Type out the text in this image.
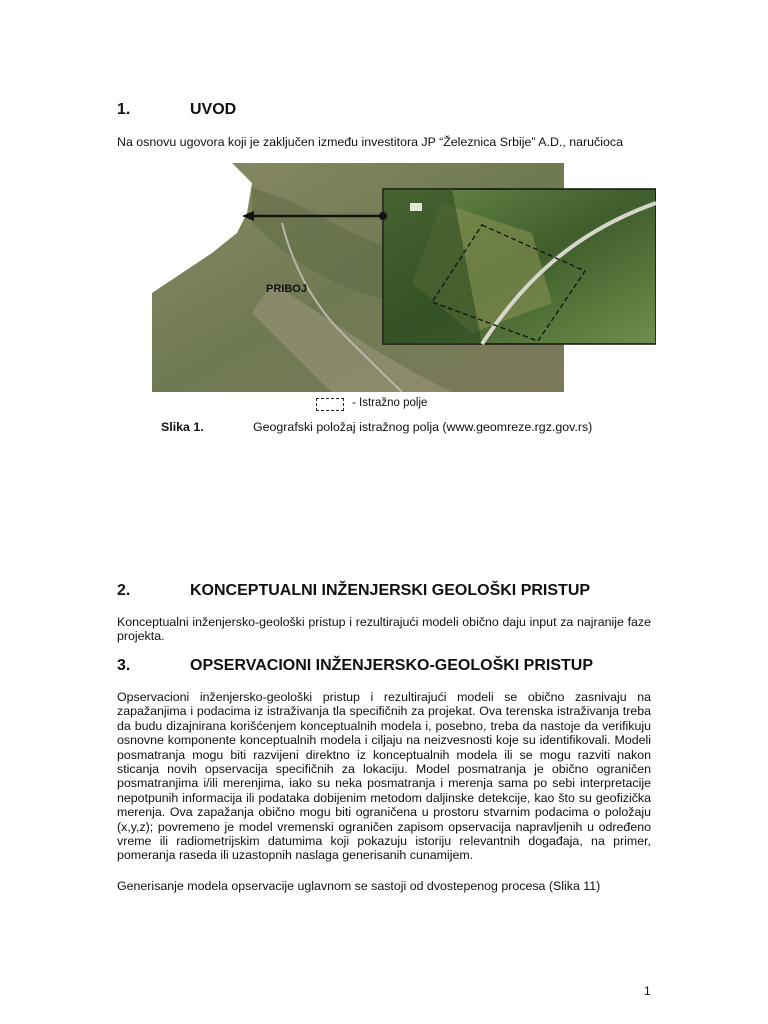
1.	UVOD
Na osnovu ugovora koji je zaključen između investitora JP “Železnica Srbije” A.D., naručioca
PRIBOJ
- Istražno polje
Slika 1.	Geografski položaj istražnog polja (www.geomreze.rgz.gov.rs)
2.	KONCEPTUALNI INŽENJERSKI GEOLOŠKI PRISTUP
Konceptualni inženjersko-geološki pristup i rezultirajući modeli obično daju input za najranije faze projekta.
3.	OPSERVACIONI INŽENJERSKO-GEOLOŠKI PRISTUP
Opservacioni inženjersko-geološki pristup i rezultirajući modeli se obično zasnivaju na zapažanjima i podacima iz istraživanja tla specifičnih za projekat. Ova terenska istraživanja treba da budu dizajnirana korišćenjem konceptualnih modela i, posebno, treba da nastoje da verifikuju osnovne komponente konceptualnih modela i ciljaju na neizvesnosti koje su identifikovali. Modeli posmatranja mogu biti razvijeni direktno iz konceptualnih modela ili se mogu razviti nakon sticanja novih opservacija specifičnih za lokaciju. Model posmatranja je obično ograničen posmatranjima i/ili merenjima, iako su neka posmatranja i merenja sama po sebi interpretacije nepotpunih informacija ili podataka dobijenim metodom daljinske detekcije, kao što su geofizička merenja. Ova zapažanja obično mogu biti ograničena u prostoru stvarnim podacima o položaju (x,y,z); povremeno je model vremenski ograničen zapisom opservacija napravljenih u određeno vreme ili radiometrijskim datumima koji pokazuju istoriju relevantnih događaja, na primer, pomeranja raseda ili uzastopnih naslaga generisanih cunamijem.
Generisanje modela opservacije uglavnom se sastoji od dvostepenog procesa (Slika 11)
1
